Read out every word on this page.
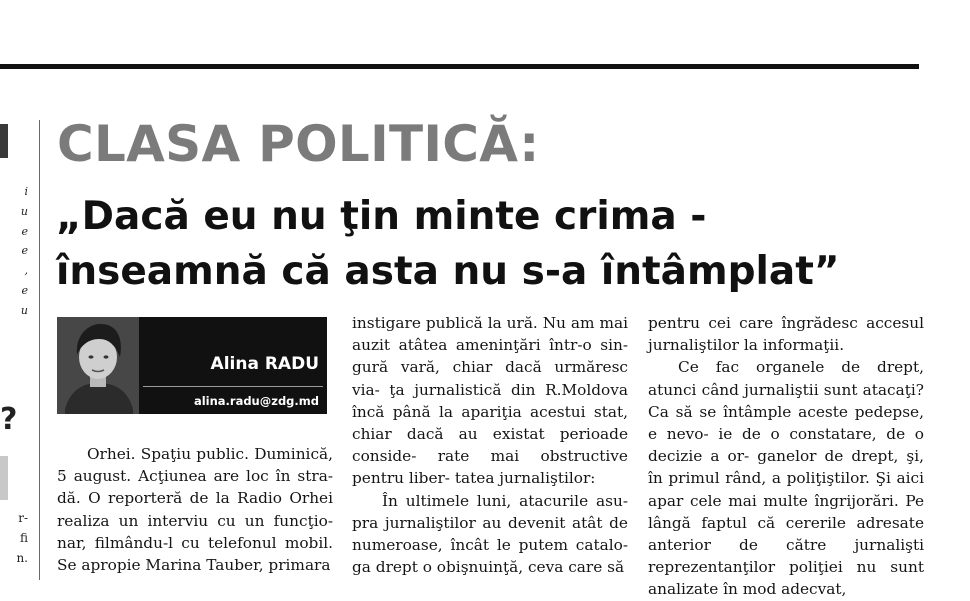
i
u
e
e
,
e
u
?
r-
fi
n.
CLASA POLITICĂ:
„Dacă eu nu ţin minte crima -
înseamnă că asta nu s-a întâmplat”
Alina RADU
alina.radu@zdg.md

Orhei. Spaţiu public. Duminică, 5 august. Acţiunea are loc în stra- dă. O reporteră de la Radio Orhei realiza un interviu cu un funcţio- nar, filmându-l cu telefonul mobil. Se apropie Marina Tauber, primara

instigare publică la ură. Nu am mai auzit atâtea ameninţări într-o sin- gură vară, chiar dacă urmăresc via- ţa jurnalistică din R.Moldova încă până la apariţia acestui stat, chiar dacă au existat perioade conside- rate mai obstructive pentru liber- tatea jurnaliştilor:

În ultimele luni, atacurile asu- pra jurnaliştilor au devenit atât de numeroase, încât le putem catalo- ga drept o obişnuinţă, ceva care să

pentru cei care îngrădesc accesul jurnaliştilor la informaţii.

Ce fac organele de drept, atunci când jurnaliştii sunt atacaţi? Ca să se întâmple aceste pedepse, e nevo- ie de o constatare, de o decizie a or- ganelor de drept, şi, în primul rând, a poliţiştilor. Şi aici apar cele mai multe îngrijorări. Pe lângă faptul că cererile adresate anterior de către jurnalişti reprezentanţilor poliţiei nu sunt analizate în mod adecvat,
